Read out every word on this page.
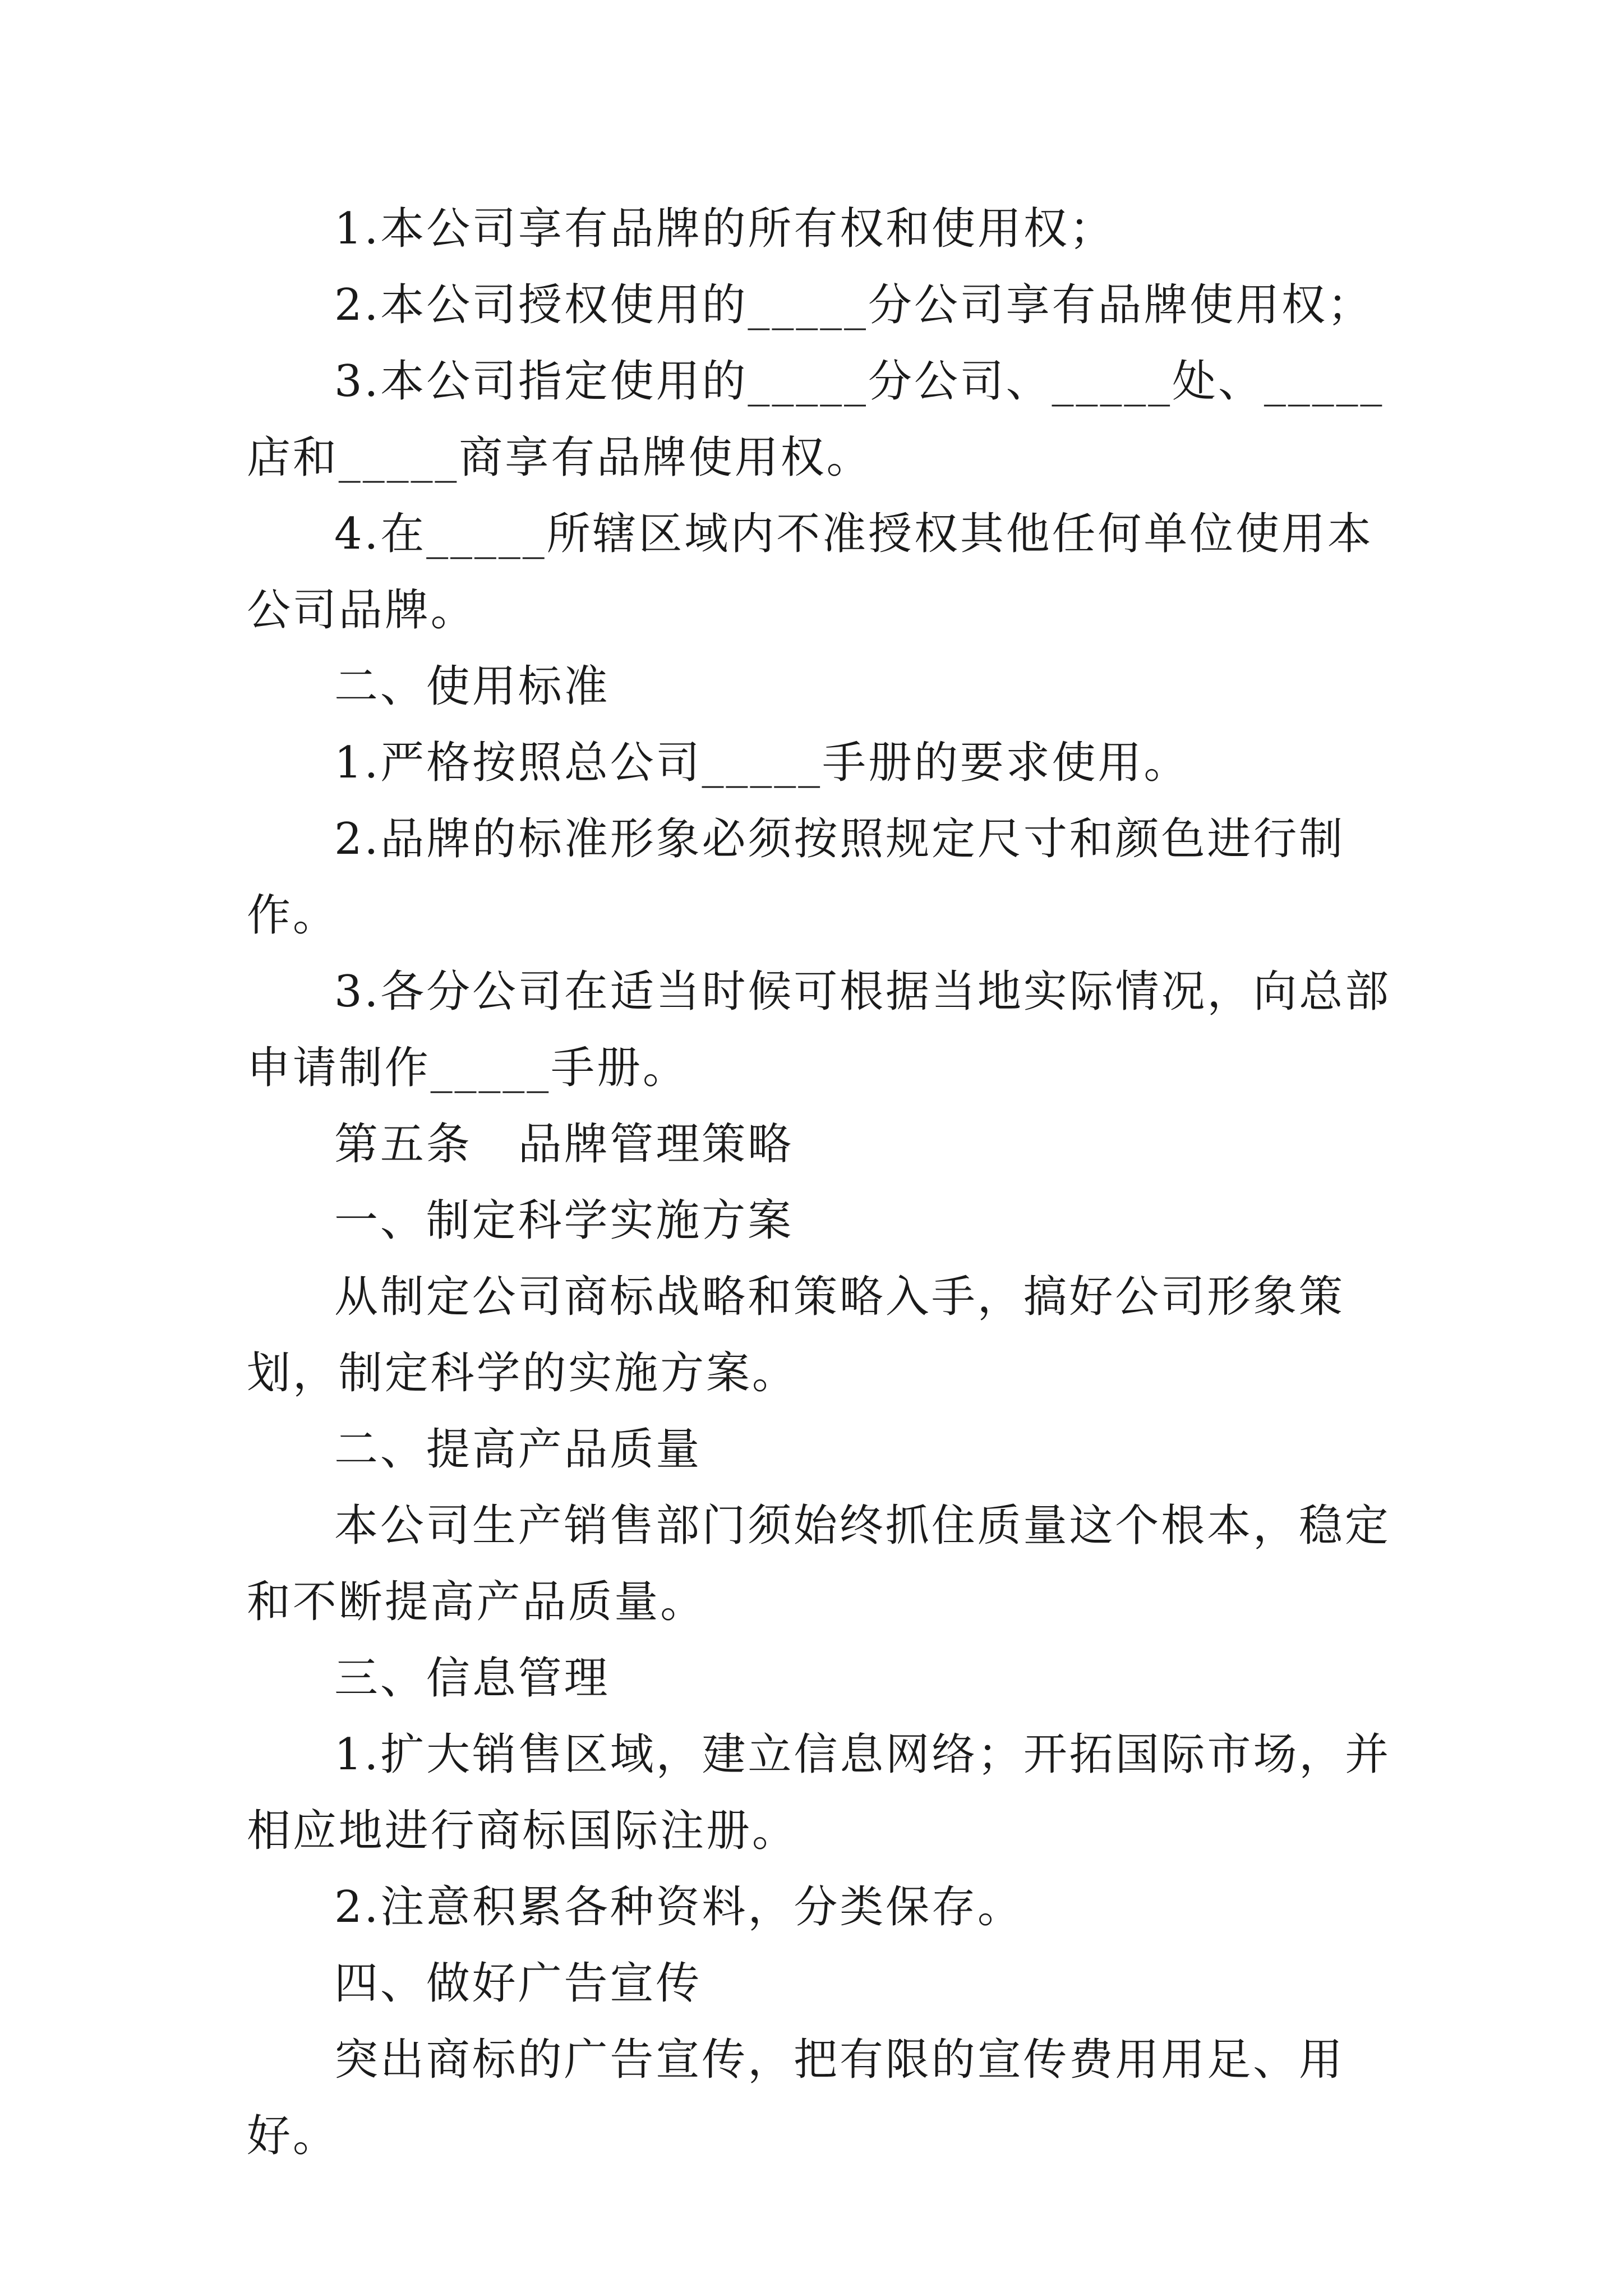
1.本公司享有品牌的所有权和使用权；

2.本公司授权使用的_____分公司享有品牌使用权；

3.本公司指定使用的_____分公司、_____处、_____店和_____商享有品牌使用权。

4.在_____所辖区域内不准授权其他任何单位使用本公司品牌。

二、使用标准

1.严格按照总公司_____手册的要求使用。

2.品牌的标准形象必须按照规定尺寸和颜色进行制作。

3.各分公司在适当时候可根据当地实际情况，向总部申请制作_____手册。

第五条　品牌管理策略

一、制定科学实施方案

从制定公司商标战略和策略入手，搞好公司形象策划，制定科学的实施方案。

二、提高产品质量

本公司生产销售部门须始终抓住质量这个根本，稳定和不断提高产品质量。

三、信息管理

1.扩大销售区域，建立信息网络；开拓国际市场，并相应地进行商标国际注册。

2.注意积累各种资料，分类保存。

四、做好广告宣传

突出商标的广告宣传，把有限的宣传费用用足、用好。
